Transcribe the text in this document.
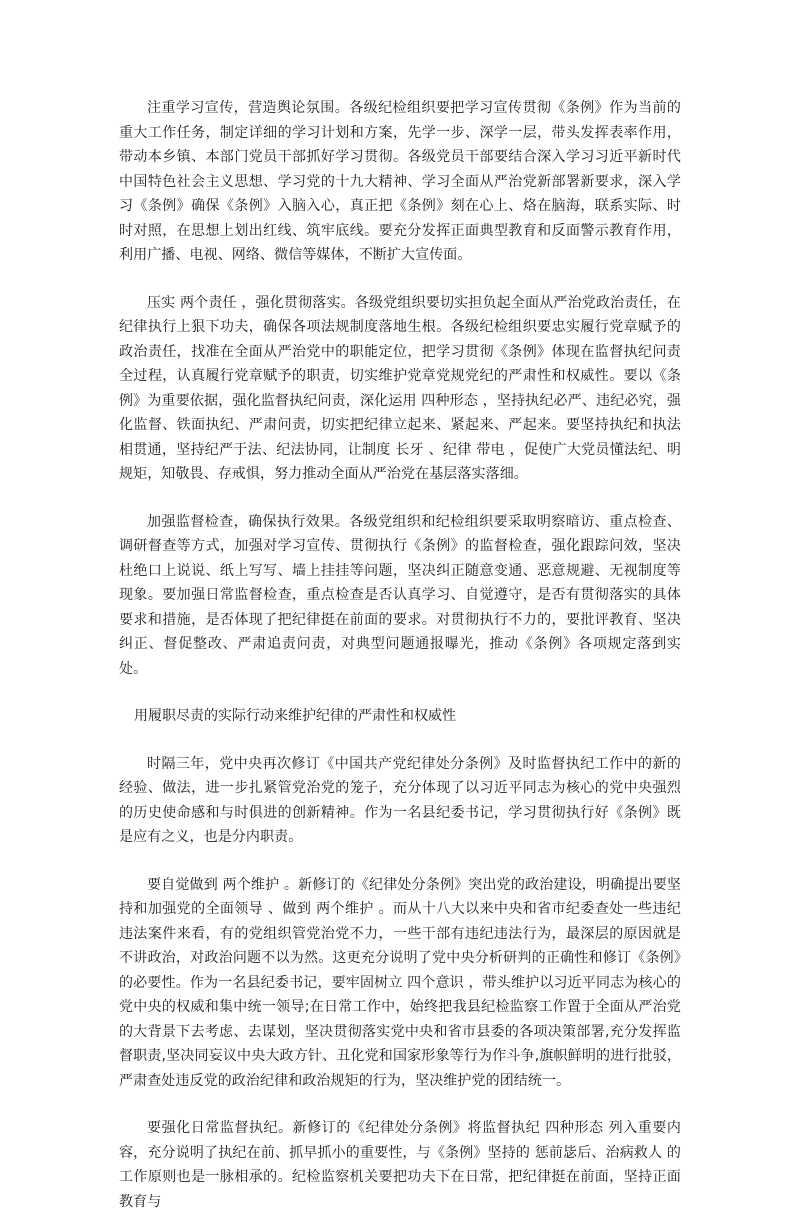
注重学习宣传，营造舆论氛围。各级纪检组织要把学习宣传贯彻《条例》作为当前的重大工作任务，制定详细的学习计划和方案，先学一步、深学一层，带头发挥表率作用，带动本乡镇、本部门党员干部抓好学习贯彻。各级党员干部要结合深入学习习近平新时代中国特色社会主义思想、学习党的十九大精神、学习全面从严治党新部署新要求，深入学习《条例》确保《条例》入脑入心，真正把《条例》刻在心上、烙在脑海，联系实际、时时对照，在思想上划出红线、筑牢底线。要充分发挥正面典型教育和反面警示教育作用，利用广播、电视、网络、微信等媒体，不断扩大宣传面。

压实 两个责任 ，强化贯彻落实。各级党组织要切实担负起全面从严治党政治责任，在纪律执行上狠下功夫，确保各项法规制度落地生根。各级纪检组织要忠实履行党章赋予的政治责任，找准在全面从严治党中的职能定位，把学习贯彻《条例》体现在监督执纪问责全过程，认真履行党章赋予的职责，切实维护党章党规党纪的严肃性和权威性。要以《条例》为重要依据，强化监督执纪问责，深化运用 四种形态 ，坚持执纪必严、违纪必究，强化监督、铁面执纪、严肃问责，切实把纪律立起来、紧起来、严起来。要坚持执纪和执法相贯通，坚持纪严于法、纪法协同，让制度 长牙 、纪律 带电 ，促使广大党员懂法纪、明规矩，知敬畏、存戒惧，努力推动全面从严治党在基层落实落细。

加强监督检查，确保执行效果。各级党组织和纪检组织要采取明察暗访、重点检查、调研督查等方式，加强对学习宣传、贯彻执行《条例》的监督检查，强化跟踪问效，坚决杜绝口上说说、纸上写写、墙上挂挂等问题，坚决纠正随意变通、恶意规避、无视制度等现象。要加强日常监督检查，重点检查是否认真学习、自觉遵守，是否有贯彻落实的具体要求和措施，是否体现了把纪律挺在前面的要求。对贯彻执行不力的，要批评教育、坚决纠正、督促整改、严肃追责问责，对典型问题通报曝光，推动《条例》各项规定落到实处。

用履职尽责的实际行动来维护纪律的严肃性和权威性

时隔三年，党中央再次修订《中国共产党纪律处分条例》及时监督执纪工作中的新的经验、做法，进一步扎紧管党治党的笼子，充分体现了以习近平同志为核心的党中央强烈的历史使命感和与时俱进的创新精神。作为一名县纪委书记，学习贯彻执行好《条例》既是应有之义，也是分内职责。

要自觉做到 两个维护 。新修订的《纪律处分条例》突出党的政治建设，明确提出要坚持和加强党的全面领导 、做到 两个维护 。而从十八大以来中央和省市纪委查处一些违纪违法案件来看，有的党组织管党治党不力，一些干部有违纪违法行为，最深层的原因就是不讲政治，对政治问题不以为然。这更充分说明了党中央分析研判的正确性和修订《条例》的必要性。作为一名县纪委书记，要牢固树立 四个意识 ，带头维护以习近平同志为核心的党中央的权威和集中统一领导;在日常工作中，始终把我县纪检监察工作置于全面从严治党的大背景下去考虑、去谋划，坚决贯彻落实党中央和省市县委的各项决策部署,充分发挥监督职责,坚决同妄议中央大政方针、丑化党和国家形象等行为作斗争,旗帜鲜明的进行批驳，严肃查处违反党的政治纪律和政治规矩的行为，坚决维护党的团结统一。

要强化日常监督执纪。新修订的《纪律处分条例》将监督执纪 四种形态 列入重要内容，充分说明了执纪在前、抓早抓小的重要性，与《条例》坚持的 惩前毖后、治病救人 的工作原则也是一脉相承的。纪检监察机关要把功夫下在日常，把纪律挺在前面，坚持正面教育与
